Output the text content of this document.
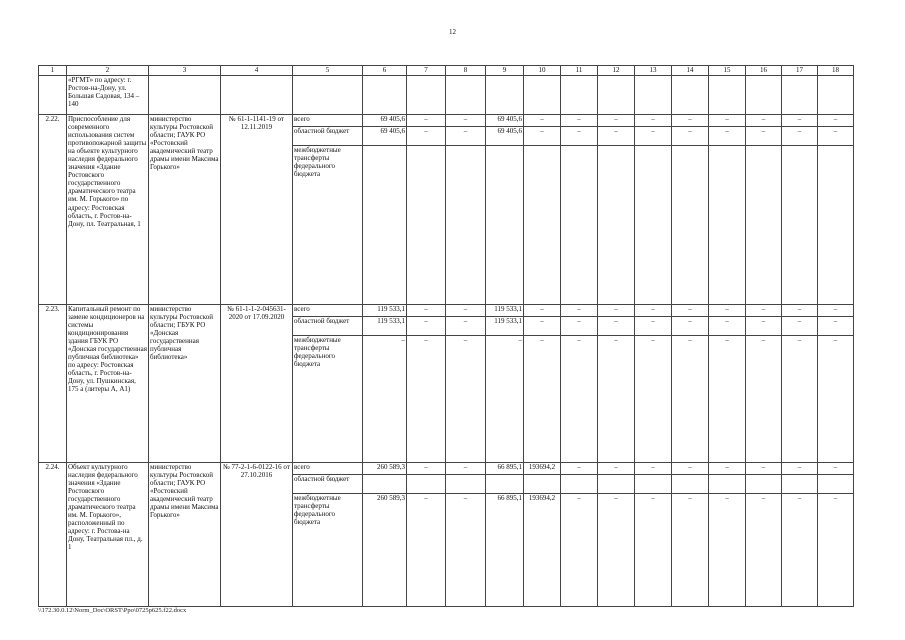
12
1	2	3	4	5	6	7	8	9	10	11	12	13	14	15	16	17	18
	«РГМТ» по адресу: г. Ростов-на-Дону, ул. Большая Садовая, 134 – 140																
2.22.	Приспособление для современного использования систем противопожарной защиты на объекте культурного наследия федерального значения «Здание Ростовского государственного драматического театра им. М. Горького» по адресу: Ростовская область, г. Ростов-на-Дону, пл. Театральная, 1	министерство культуры Ростовской области; ГАУК РО «Ростовский академический театр драмы имени Максима Горького»	№ 61-1-1141-19 от 12.11.2019	всего	69 405,6	–	–	69 405,6	–	–	–	–	–	–	–	–	–
				областной бюджет	69 405,6	–	–	69 405,6	–	–	–	–	–	–	–	–	–
				межбюджетные трансферты федерального бюджета													
2.23.	Капитальный ремонт по замене кондиционеров на системы кондиционирования здания ГБУК РО «Донская государственная публичная библиотека» по адресу: Ростовская область, г. Ростов-на-Дону, ул. Пушкинская, 175 а (литеры А, А1)	министерство культуры Ростовской области; ГБУК РО «Донская государственная публичная библиотека»	№ 61-1-1-2-045631-2020 от 17.09.2020	всего	119 533,1	–	–	119 533,1	–	–	–	–	–	–	–	–	–
				областной бюджет	119 533,1	–	–	119 533,1	–	–	–	–	–	–	–	–	–
				межбюджетные трансферты федерального бюджета	–	–	–	–	–	–	–	–	–	–	–	–	–
2.24.	Объект культурного наследия федерального значения «Здание Ростовского государственного драматического театра им. М. Горького», расположенный по адресу: г. Ростова-на Дону, Театральная пл., д. 1	министерство культуры Ростовской области; ГАУК РО «Ростовский академический театр драмы имени Максима Горького»	№ 77-2-1-6-0122-16 от 27.10.2016	всего	260 589,3	–	–	66 895,1	193694,2	–	–	–	–	–	–	–	–
				областной бюджет													
				межбюджетные трансферты федерального бюджета	260 589,3	–	–	66 895,1	193694,2	–	–	–	–	–	–	–	–
\\172.30.0.12\Norm_Doc\ORST\Ppo\0725p625.f22.docx
